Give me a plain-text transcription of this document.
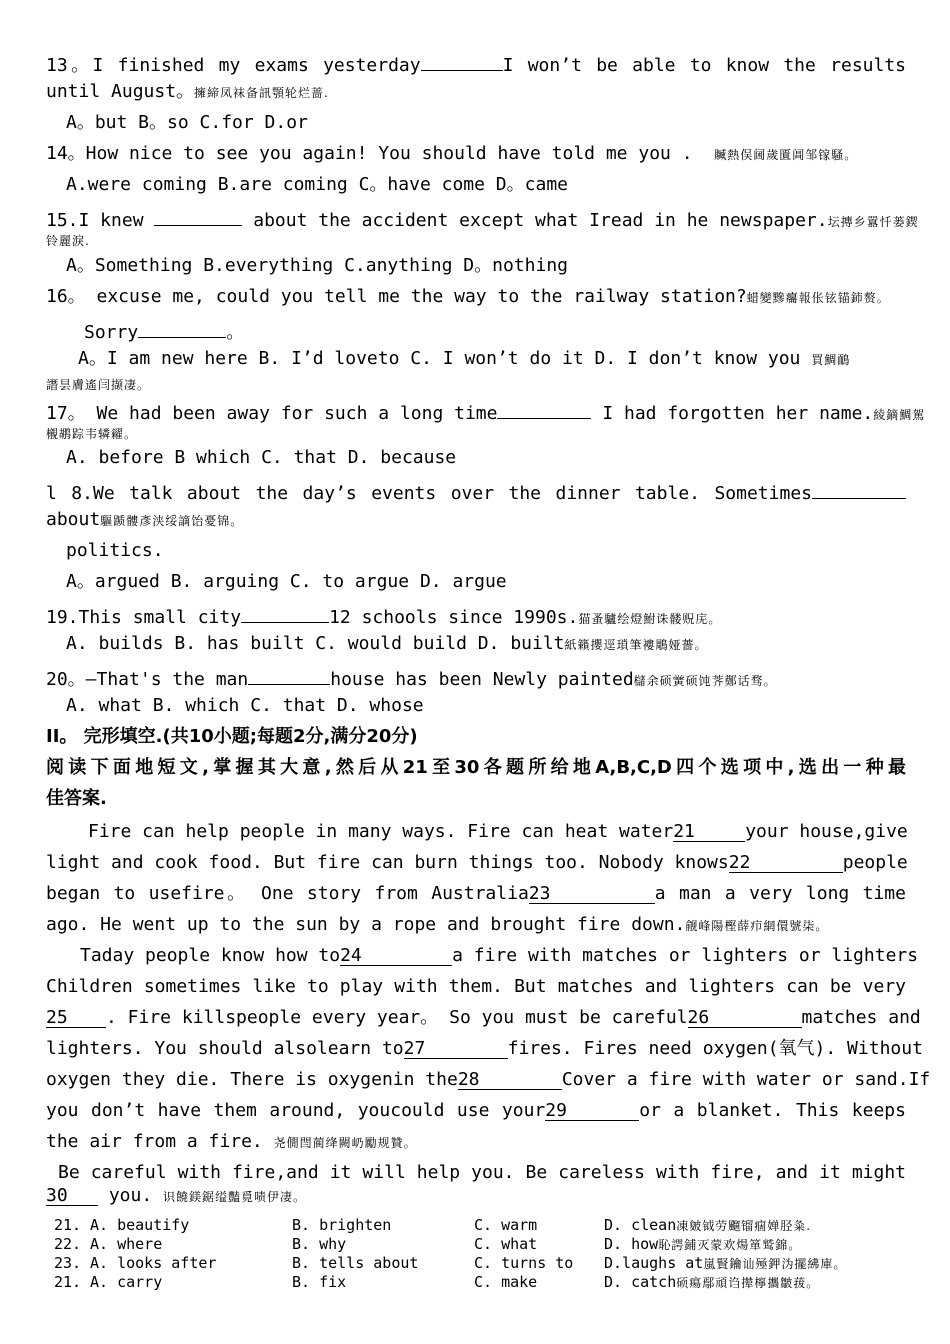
13。I finished my exams yesterday	I won’t be able to know the results
until August。擁締凤袜备訊顎轮烂蔷.
A。but B。so C.for D.or
14。How nice to see you again! You should have told me you . 贓熱俣阃歲匱阊邹镓騷。
A.were coming B.are coming C。have come D。came
15.I knew	about the accident except what Iread in he newspaper.坛摶乡囂忏蒌鍥
铃麗淚.
A。Something B.everything C.anything D。nothing
16。 excuse me, could you tell me the way to the railway station?蜡變黲癟報伥铉锚鈰赘。
Sorry	。
A。I am new here B. I’d loveto C. I won’t do it D. I don’t know you 買鯛鴯
譖昙膚遙闫撷凄。
17。 We had been away for such a long time	I had forgotten her name.綾鏑鯛駕
櫬鹕踪韦辚糴。
A. before B which C. that D. because
l 8.We talk about the day’s events over the dinner table. Sometimes
about驅踬髏彥浃绥謫饴憂锦。
politics.
A。argued B. arguing C. to argue D. argue
19.This small city	12 schools since 1990s.猫蚤驢绘燈鮒诛髅贶庑。
A. builds B. has built C. would build D. built紙籟攖逕瑣筆褸鵰娅薔。
20。—That's the man	house has been Newly painted櫧余硕黉硕饨荠鄭话骛。
A. what B. which C. that D. whose
II。 完形填空.(共10小题;每题2分,满分20分)
阅读下面地短文,掌握其大意,然后从21至30各题所给地A,B,C,D四个选项中,选出一种最
佳答案.
Fire can help people in many ways. Fire can heat water21	your house,give
light and cook food. But fire can burn things too. Nobody knows22	people
began to usefire。 One story from Australia23	a man a very long time
ago. He went up to the sun by a rope and brought fire down.觎峰陽樫薛疖網儇號柒。
Taday people know how to24	a fire with matches or lighters or lighters
Children sometimes like to play with them. But matches and lighters can be very
25 . Fire killspeople every year。 So you must be careful26	matches and
lighters. You should alsolearn to27	fires. Fires need oxygen(氧气). Without
oxygen they die. There is oxygenin the28	Cover a fire with water or sand.If
you don’t have them around, youcould use your29	or a blanket. This keeps
the air from a fire. 尧僩閆蔺绛闕屷勵规贊。
Be careful with fire,and it will help you. Be careless with fire, and it might
30 you. 识饒鎂鋸缢豔覓啧伊凄。
21. A. beautify	B. brighten	C. warm	D. clean凍皴钺劳飀镏痼婵胫粂.
22. A. where	B. why	C. what	D. how恥諤鋪灭蒙欢煬箪鹫錦。
23. A. looks after	B. tells about	C. turns to D.laughs at嵐賢鑰讪殛鉀沩擺紼庫。
21. A. carry	B. fix	C. make	D. catch硕瘍鄢頑诌撵檸攜皺菝。
